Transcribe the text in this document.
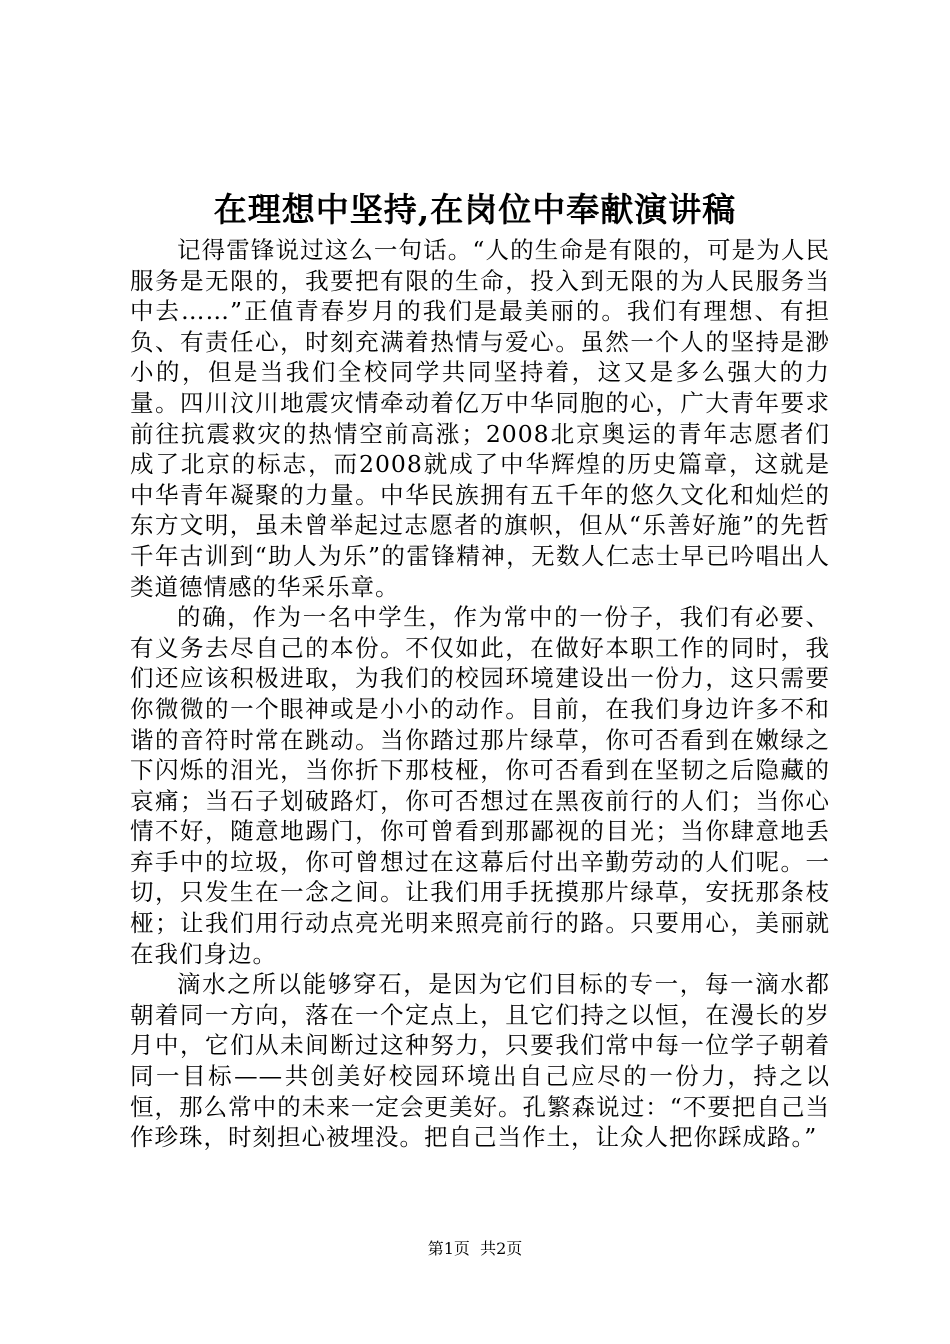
在理想中坚持,在岗位中奉献演讲稿

记得雷锋说过这么一句话。“人的生命是有限的，可是为人民服务是无限的，我要把有限的生命，投入到无限的为人民服务当中去……”正值青春岁月的我们是最美丽的。我们有理想、有担负、有责任心，时刻充满着热情与爱心。虽然一个人的坚持是渺小的，但是当我们全校同学共同坚持着，这又是多么强大的力量。四川汶川地震灾情牵动着亿万中华同胞的心，广大青年要求前往抗震救灾的热情空前高涨；2008北京奥运的青年志愿者们成了北京的标志，而2008就成了中华辉煌的历史篇章，这就是中华青年凝聚的力量。中华民族拥有五千年的悠久文化和灿烂的东方文明，虽未曾举起过志愿者的旗帜，但从“乐善好施”的先哲千年古训到“助人为乐”的雷锋精神，无数人仁志士早已吟唱出人类道德情感的华采乐章。

的确，作为一名中学生，作为常中的一份子，我们有必要、有义务去尽自己的本份。不仅如此，在做好本职工作的同时，我们还应该积极进取，为我们的校园环境建设出一份力，这只需要你微微的一个眼神或是小小的动作。目前，在我们身边许多不和谐的音符时常在跳动。当你踏过那片绿草，你可否看到在嫩绿之下闪烁的泪光，当你折下那枝桠，你可否看到在坚韧之后隐藏的哀痛；当石子划破路灯，你可否想过在黑夜前行的人们；当你心情不好，随意地踢门，你可曾看到那鄙视的目光；当你肆意地丢弃手中的垃圾，你可曾想过在这幕后付出辛勤劳动的人们呢。一切，只发生在一念之间。让我们用手抚摸那片绿草，安抚那条枝桠；让我们用行动点亮光明来照亮前行的路。只要用心，美丽就在我们身边。

滴水之所以能够穿石，是因为它们目标的专一，每一滴水都朝着同一方向，落在一个定点上，且它们持之以恒，在漫长的岁月中，它们从未间断过这种努力，只要我们常中每一位学子朝着同一目标——共创美好校园环境出自己应尽的一份力，持之以恒，那么常中的未来一定会更美好。孔繁森说过：“不要把自己当作珍珠，时刻担心被埋没。把自己当作土，让众人把你踩成路。”

第1页  共2页
